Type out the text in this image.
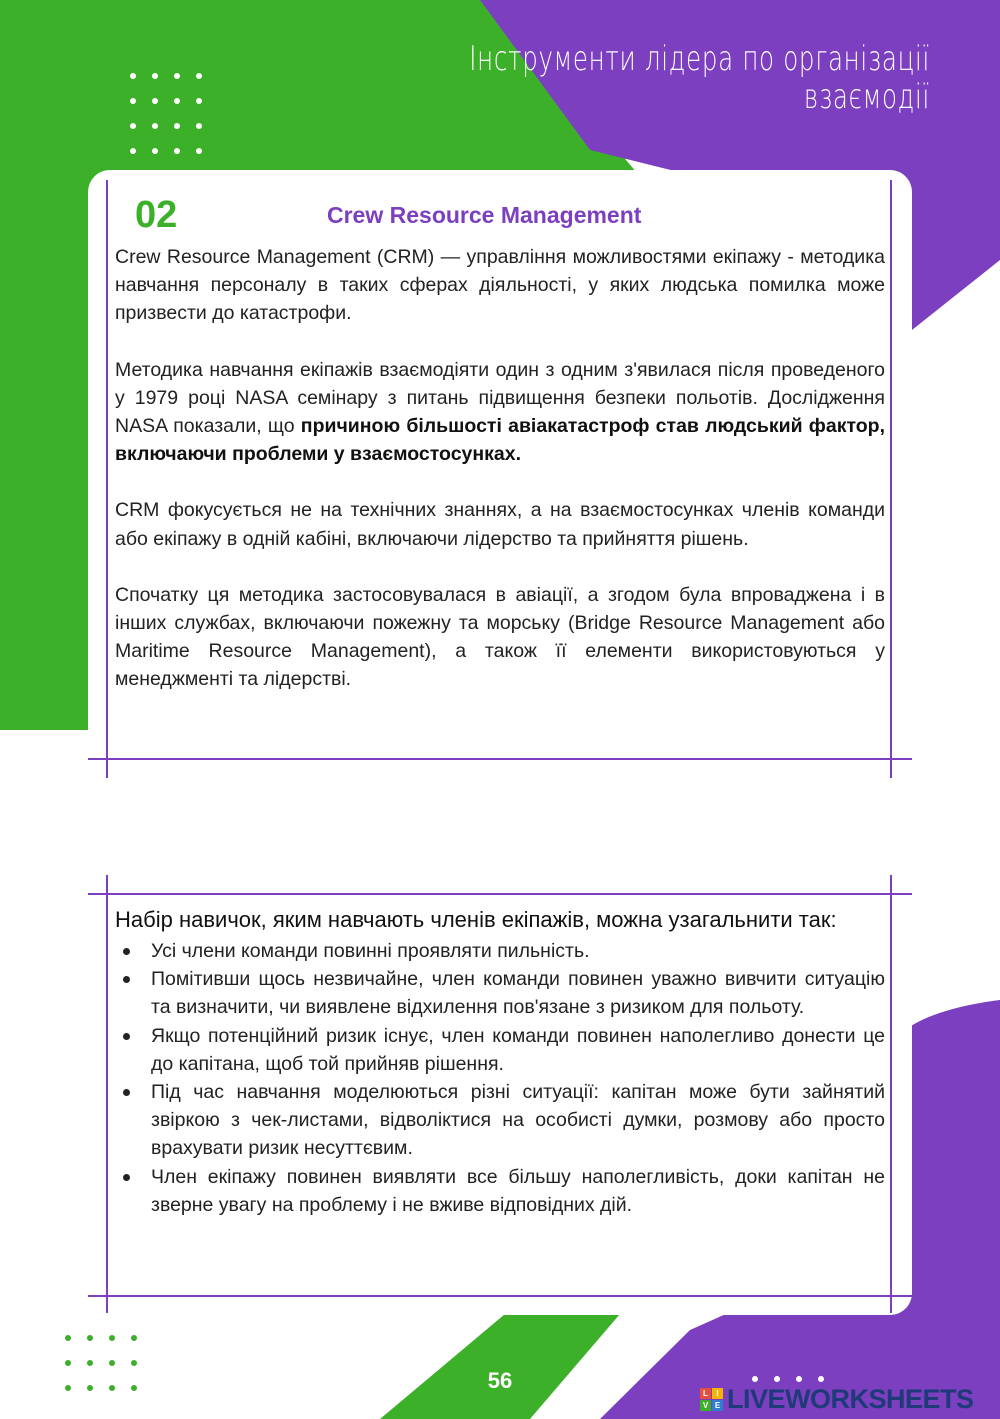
Інструменти лідера по організації
взаємодії
02	Crew Resource Management

Crew Resource Management (CRM) — управління можливостями екіпажу - методика навчання персоналу в таких сферах діяльності, у яких людська помилка може призвести до катастрофи.

Методика навчання екіпажів взаємодіяти один з одним з'явилася після проведеного у 1979 році NASA семінару з питань підвищення безпеки польотів. Дослідження NASA показали, що причиною більшості авіакатастроф став людський фактор, включаючи проблеми у взаємостосунках.

CRM фокусується не на технічних знаннях, а на взаємостосунках членів команди або екіпажу в одній кабіні, включаючи лідерство та прийняття рішень.

Спочатку ця методика застосовувалася в авіації, а згодом була впроваджена і в інших службах, включаючи пожежну та морську (Bridge Resource Management або Maritime Resource Management), а також її елементи використовуються у менеджменті та лідерстві.

Набір навичок, яким навчають членів екіпажів, можна узагальнити так:

Усі члени команди повинні проявляти пильність.
Помітивши щось незвичайне, член команди повинен уважно вивчити ситуацію та визначити, чи виявлене відхилення пов'язане з ризиком для польоту.
Якщо потенційний ризик існує, член команди повинен наполегливо донести це до капітана, щоб той прийняв рішення.
Під час навчання моделюються різні ситуації: капітан може бути зайнятий звіркою з чек-листами, відволіктися на особисті думки, розмову або просто врахувати ризик несуттєвим.
Член екіпажу повинен виявляти все більшу наполегливість, доки капітан не зверне увагу на проблему і не вживе відповідних дій.
56	L	I
V E LIVEWORKSHEETS
